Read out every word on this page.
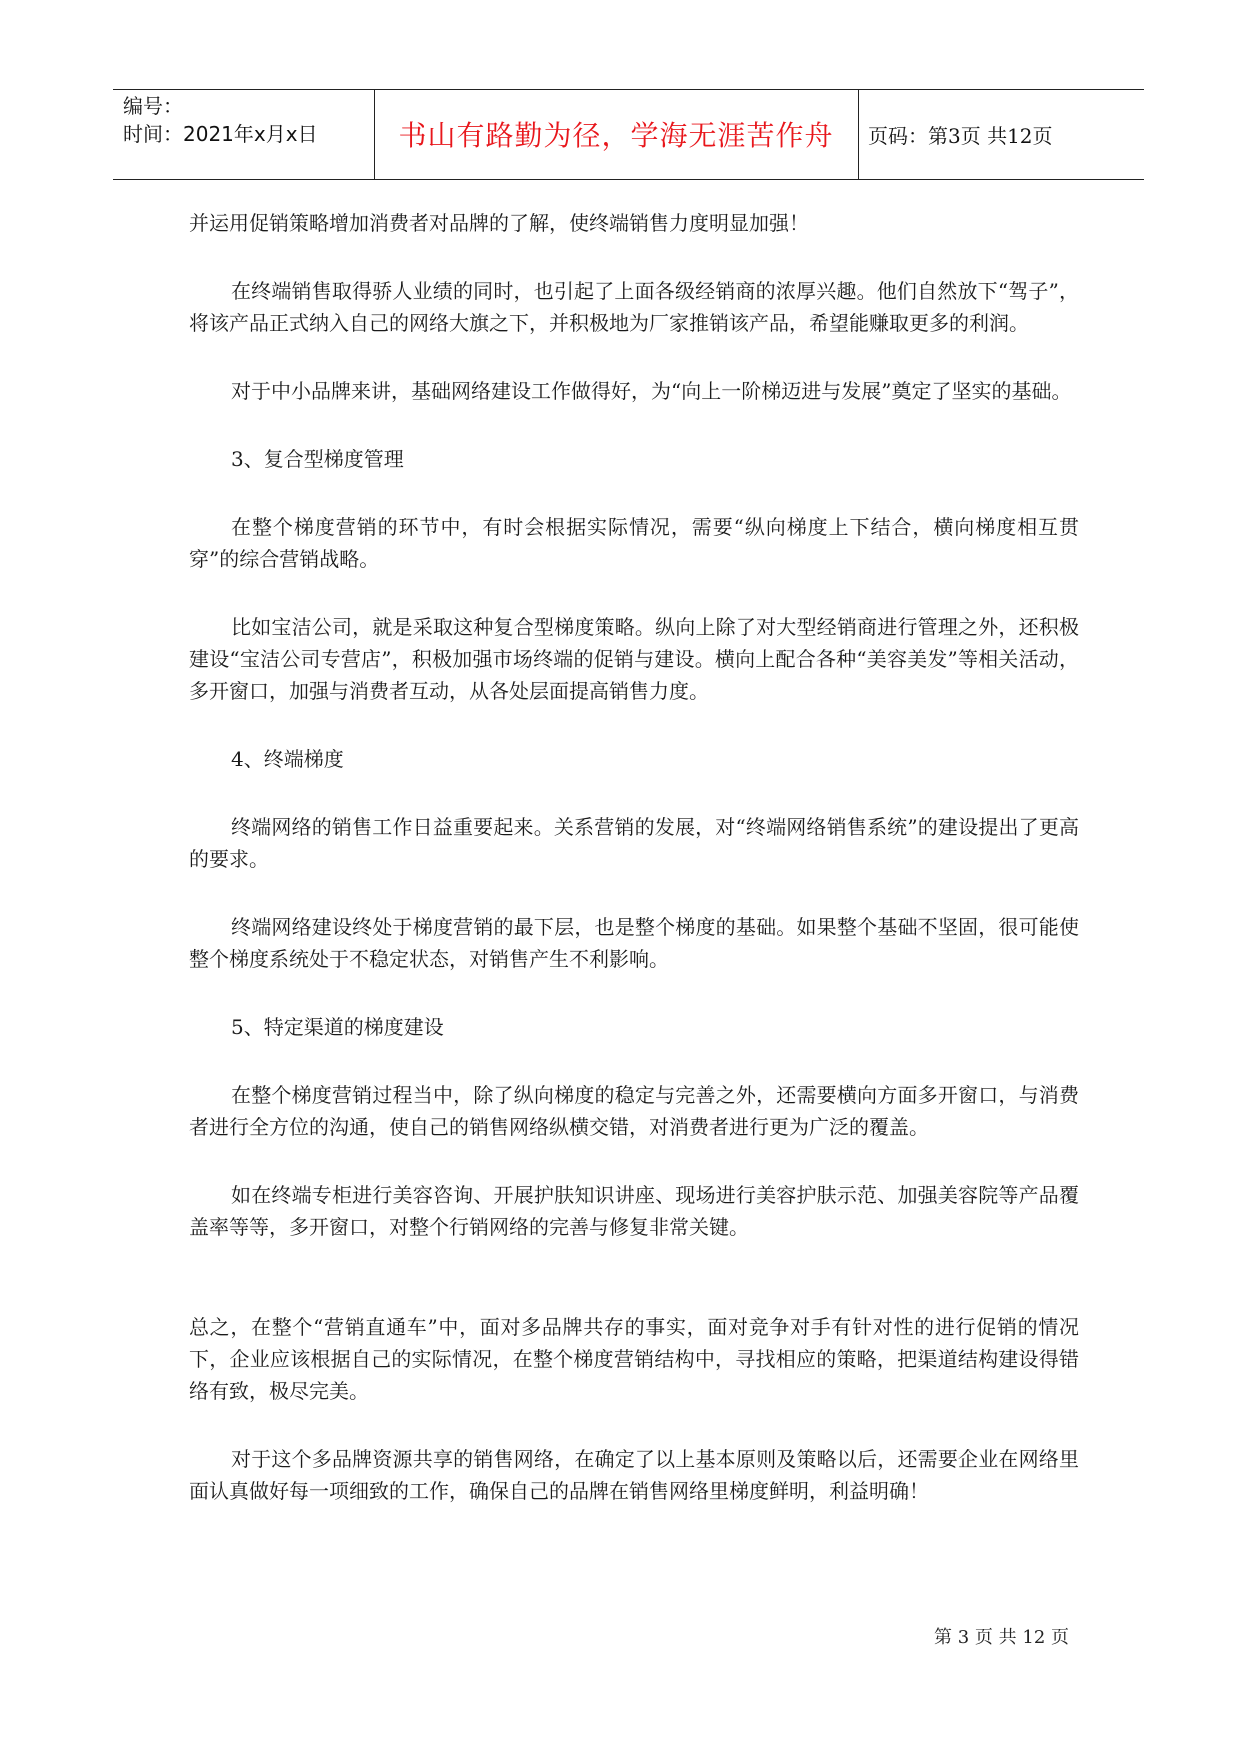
编号：
时间：2021年x月x日	书山有路勤为径，学海无涯苦作舟	页码：第3页 共12页

并运用促销策略增加消费者对品牌的了解，使终端销售力度明显加强！

在终端销售取得骄人业绩的同时，也引起了上面各级经销商的浓厚兴趣。他们自然放下“驾子”，将该产品正式纳入自己的网络大旗之下，并积极地为厂家推销该产品，希望能赚取更多的利润。

对于中小品牌来讲，基础网络建设工作做得好，为“向上一阶梯迈进与发展”奠定了坚实的基础。

3、复合型梯度管理

在整个梯度营销的环节中，有时会根据实际情况，需要“纵向梯度上下结合，横向梯度相互贯穿”的综合营销战略。

比如宝洁公司，就是采取这种复合型梯度策略。纵向上除了对大型经销商进行管理之外，还积极建设“宝洁公司专营店”，积极加强市场终端的促销与建设。横向上配合各种“美容美发”等相关活动，多开窗口，加强与消费者互动，从各处层面提高销售力度。

4、终端梯度

终端网络的销售工作日益重要起来。关系营销的发展，对“终端网络销售系统”的建设提出了更高的要求。

终端网络建设终处于梯度营销的最下层，也是整个梯度的基础。如果整个基础不坚固，很可能使整个梯度系统处于不稳定状态，对销售产生不利影响。

5、特定渠道的梯度建设

在整个梯度营销过程当中，除了纵向梯度的稳定与完善之外，还需要横向方面多开窗口，与消费者进行全方位的沟通，使自己的销售网络纵横交错，对消费者进行更为广泛的覆盖。

如在终端专柜进行美容咨询、开展护肤知识讲座、现场进行美容护肤示范、加强美容院等产品覆盖率等等，多开窗口，对整个行销网络的完善与修复非常关键。

总之，在整个“营销直通车”中，面对多品牌共存的事实，面对竞争对手有针对性的进行促销的情况下，企业应该根据自己的实际情况，在整个梯度营销结构中，寻找相应的策略，把渠道结构建设得错络有致，极尽完美。

对于这个多品牌资源共享的销售网络，在确定了以上基本原则及策略以后，还需要企业在网络里面认真做好每一项细致的工作，确保自己的品牌在销售网络里梯度鲜明，利益明确！

第 3 页 共 12 页
